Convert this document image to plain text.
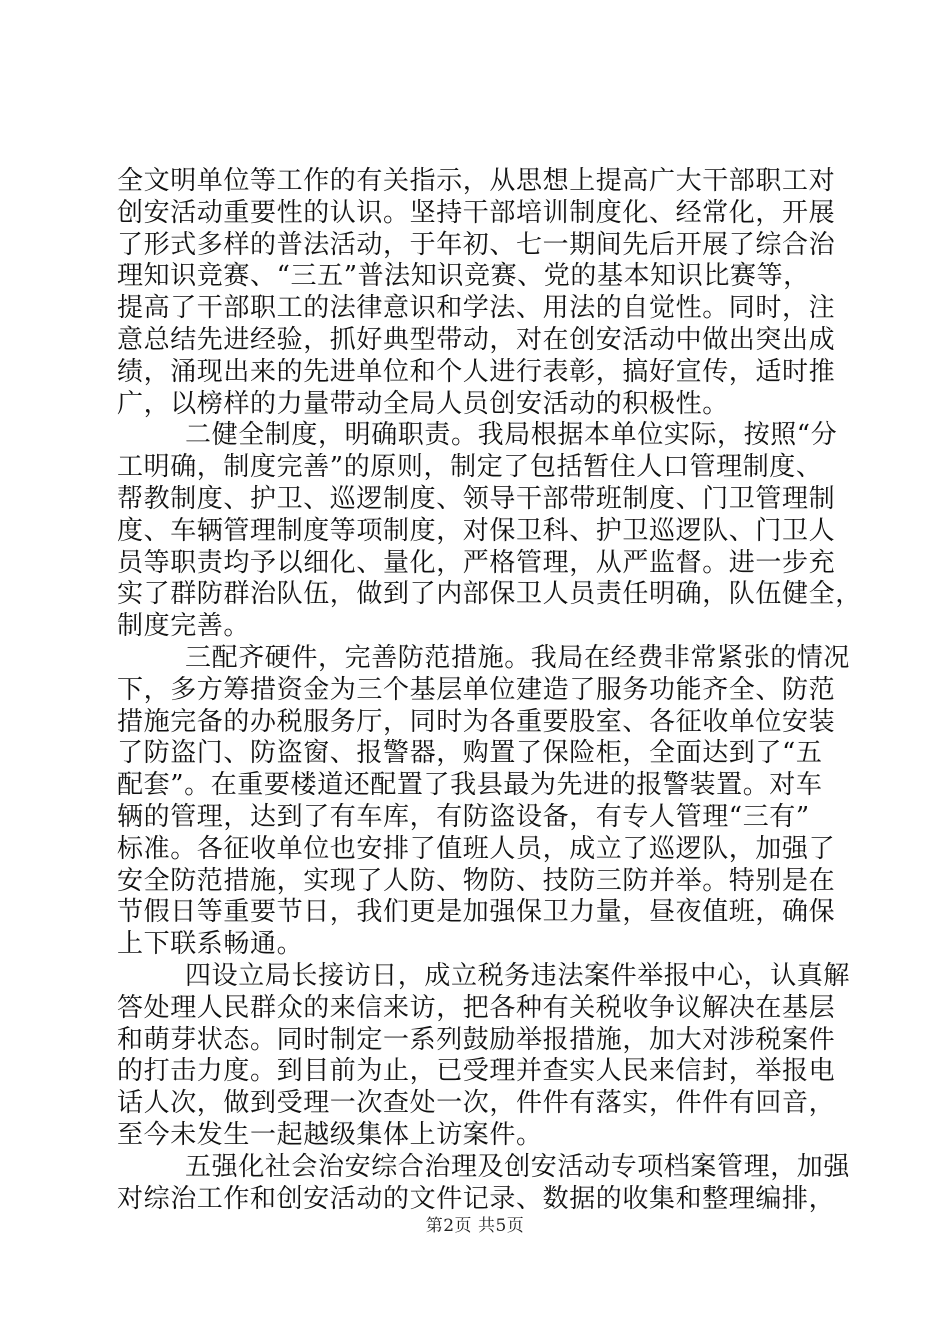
全文明单位等工作的有关指示，从思想上提高广大干部职工对
创安活动重要性的认识。坚持干部培训制度化、经常化，开展
了形式多样的普法活动，于年初、七一期间先后开展了综合治
理知识竞赛、“三五”普法知识竞赛、党的基本知识比赛等，
提高了干部职工的法律意识和学法、用法的自觉性。同时，注
意总结先进经验，抓好典型带动，对在创安活动中做出突出成
绩，涌现出来的先进单位和个人进行表彰，搞好宣传，适时推
广，以榜样的力量带动全局人员创安活动的积极性。
二健全制度，明确职责。我局根据本单位实际，按照“分
工明确，制度完善”的原则，制定了包括暂住人口管理制度、
帮教制度、护卫、巡逻制度、领导干部带班制度、门卫管理制
度、车辆管理制度等项制度，对保卫科、护卫巡逻队、门卫人
员等职责均予以细化、量化，严格管理，从严监督。进一步充
实了群防群治队伍，做到了内部保卫人员责任明确，队伍健全，
制度完善。
三配齐硬件，完善防范措施。我局在经费非常紧张的情况
下，多方筹措资金为三个基层单位建造了服务功能齐全、防范
措施完备的办税服务厅，同时为各重要股室、各征收单位安装
了防盗门、防盗窗、报警器，购置了保险柜，全面达到了“五
配套”。在重要楼道还配置了我县最为先进的报警装置。对车
辆的管理，达到了有车库，有防盗设备，有专人管理“三有”
标准。各征收单位也安排了值班人员，成立了巡逻队，加强了
安全防范措施，实现了人防、物防、技防三防并举。特别是在
节假日等重要节日，我们更是加强保卫力量，昼夜值班，确保
上下联系畅通。
四设立局长接访日，成立税务违法案件举报中心，认真解
答处理人民群众的来信来访，把各种有关税收争议解决在基层
和萌芽状态。同时制定一系列鼓励举报措施，加大对涉税案件
的打击力度。到目前为止，已受理并查实人民来信封，举报电
话人次，做到受理一次查处一次，件件有落实，件件有回音，
至今未发生一起越级集体上访案件。
五强化社会治安综合治理及创安活动专项档案管理，加强
对综治工作和创安活动的文件记录、数据的收集和整理编排，
第2页 共5页
